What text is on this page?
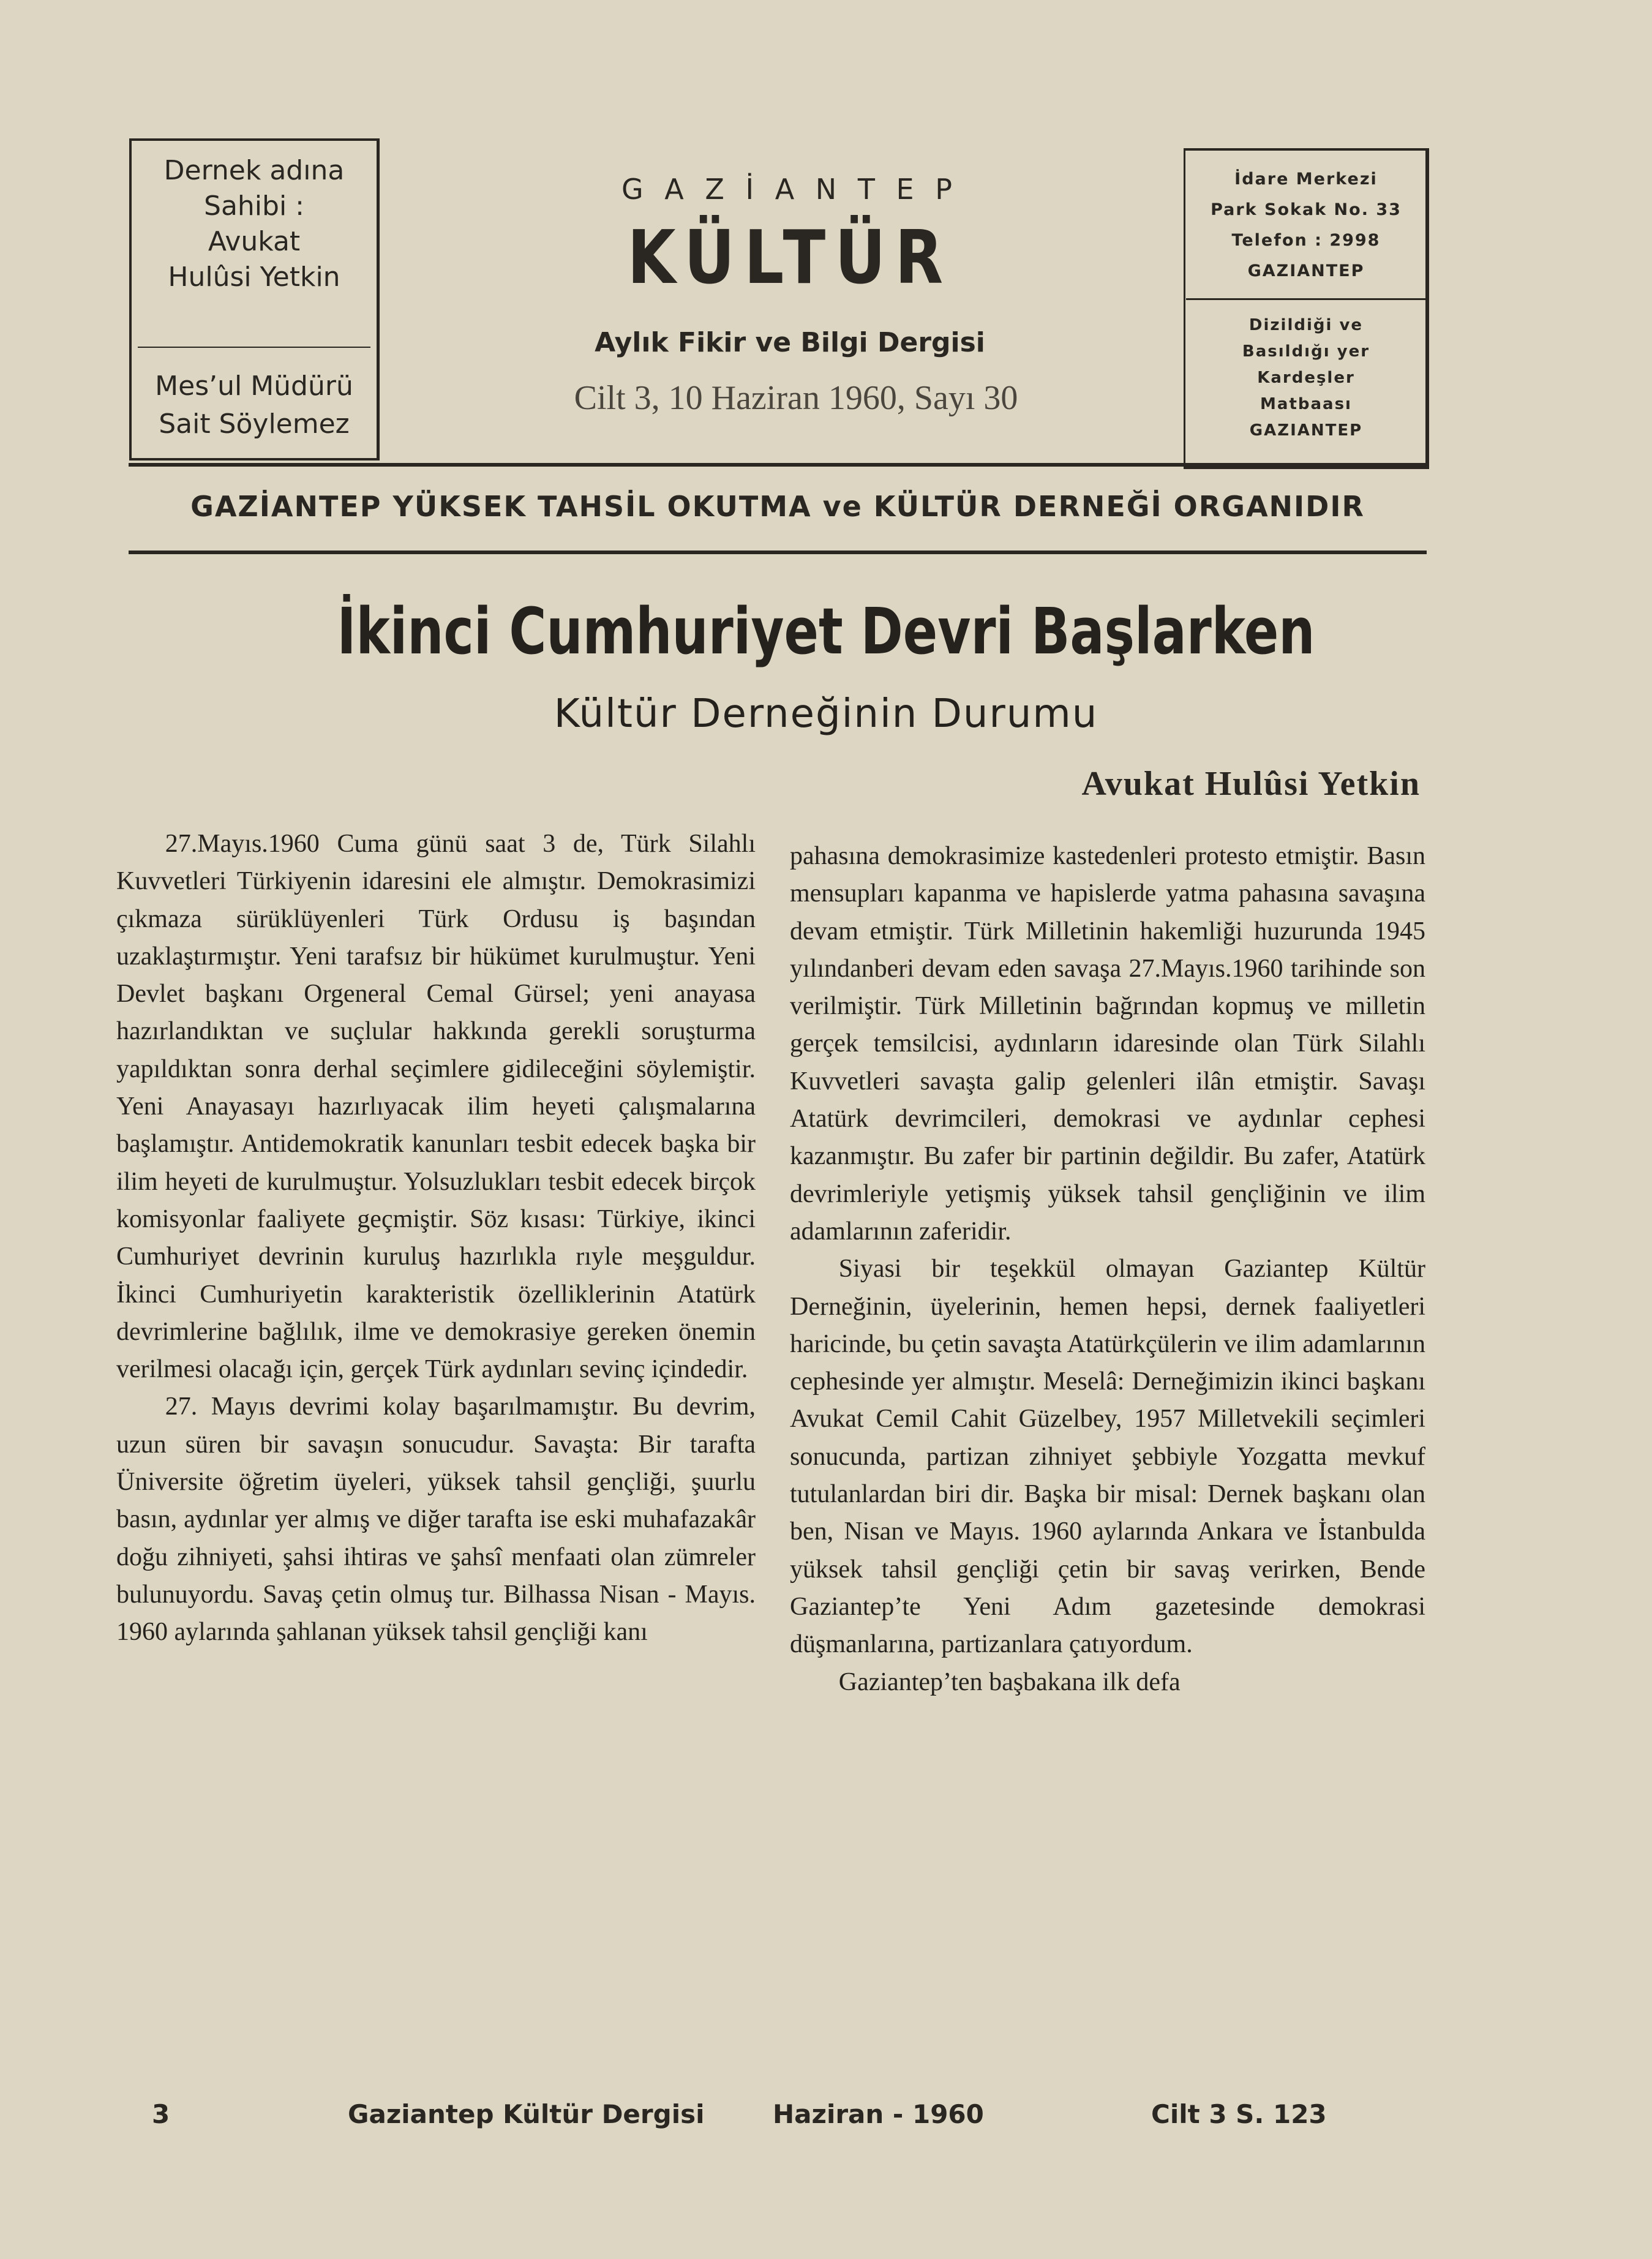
Dernek adına
Sahibi :
Avukat
Hulûsi Yetkin
Mes’ul Müdürü
Sait Söylemez
G A Z İ A N T E P
KÜLTÜR
Aylık Fikir ve Bilgi Dergisi
Cilt 3, 10 Haziran 1960, Sayı 30
İdare Merkezi
Park Sokak No. 33
Telefon : 2998
GAZIANTEP
Dizildiği ve
Basıldığı yer
Kardeşler
Matbaası
GAZIANTEP
GAZİANTEP YÜKSEK TAHSİL OKUTMA ve KÜLTÜR DERNEĞİ ORGANIDIR
İkinci Cumhuriyet Devri Başlarken
Kültür Derneğinin Durumu
Avukat Hulûsi Yetkin

27.Mayıs.1960 Cuma günü saat 3 de, Türk Silahlı Kuvvetleri Türkiyenin idaresini ele almıştır. Demokrasimizi çıkmaza sürüklüyenleri Türk Ordusu iş başından uzaklaştırmıştır. Yeni tarafsız bir hükümet kurulmuştur. Yeni Devlet başkanı Orgeneral Cemal Gürsel; yeni anayasa hazırlandıktan ve suçlular hakkında gerekli soruşturma yapıldıktan sonra derhal seçimlere gidileceğini söylemiştir. Yeni Anayasayı hazırlıyacak ilim heyeti çalışmalarına başlamıştır. Antidemokratik kanunları tesbit edecek başka bir ilim heyeti de kurulmuştur. Yolsuzlukları tesbit edecek birçok komisyonlar faaliyete geçmiştir. Söz kısası: Türkiye, ikinci Cumhuriyet devrinin kuruluş hazırlıkla rıyle meşguldur. İkinci Cumhuriyetin karakteristik özelliklerinin Atatürk devrimlerine bağlılık, ilme ve demokrasiye gereken önemin verilmesi olacağı için, gerçek Türk aydınları sevinç içindedir.

27. Mayıs devrimi kolay başarılmamıştır. Bu devrim, uzun süren bir savaşın sonucudur. Savaşta: Bir tarafta Üniversite öğretim üyeleri, yüksek tahsil gençliği, şuurlu basın, aydınlar yer almış ve diğer tarafta ise eski muhafazakâr doğu zihniyeti, şahsi ihtiras ve şahsî menfaati olan zümreler bulunuyordu. Savaş çetin olmuş tur. Bilhassa Nisan - Mayıs. 1960 aylarında şahlanan yüksek tahsil gençliği kanı

pahasına demokrasimize kastedenleri protesto etmiştir. Basın mensupları kapanma ve hapislerde yatma pahasına savaşına devam etmiştir. Türk Milletinin hakemliği huzurunda 1945 yılındanberi devam eden savaşa 27.Mayıs.1960 tarihinde son verilmiştir. Türk Milletinin bağrından kopmuş ve milletin gerçek temsilcisi, aydınların idaresinde olan Türk Silahlı Kuvvetleri savaşta galip gelenleri ilân etmiştir. Savaşı Atatürk devrimcileri, demokrasi ve aydınlar cephesi kazanmıştır. Bu zafer bir partinin değildir. Bu zafer, Atatürk devrimleriyle yetişmiş yüksek tahsil gençliğinin ve ilim adamlarının zaferidir.

Siyasi bir teşekkül olmayan Gaziantep Kültür Derneğinin, üyelerinin, hemen hepsi, dernek faaliyetleri haricinde, bu çetin savaşta Atatürkçülerin ve ilim adamlarının cephesinde yer almıştır. Meselâ: Derneğimizin ikinci başkanı Avukat Cemil Cahit Güzelbey, 1957 Milletvekili seçimleri sonucunda, partizan zihniyet şebbiyle Yozgatta mevkuf tutulanlardan biri dir. Başka bir misal: Dernek başkanı olan ben, Nisan ve Mayıs. 1960 aylarında Ankara ve İstanbulda yüksek tahsil gençliği çetin bir savaş verirken, Bende Gaziantep’te Yeni Adım gazetesinde demokrasi düşmanlarına, partizanlara çatıyordum.

Gaziantep’ten başbakana ilk defa

3	Gaziantep Kültür Dergisi	Haziran - 1960	Cilt 3 S. 123
